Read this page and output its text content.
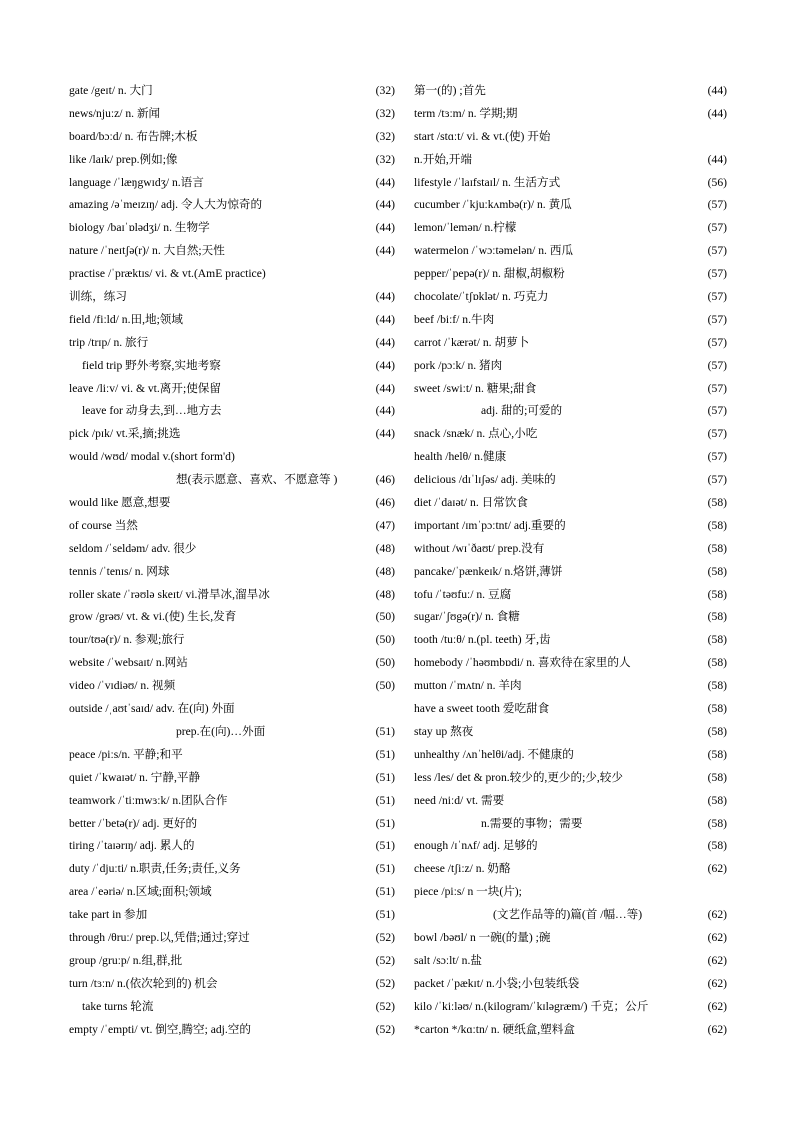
gate /geɪt/ n. 大门	(32)
news/njuːz/ n. 新闻	(32)
board/bɔːd/ n. 布告牌;木板	(32)
like /laɪk/ prep.例如;像	(32)
language /ˈlæŋgwɪdʒ/ n.语言	(44)
amazing /əˈmeɪzɪŋ/ adj. 令人大为惊奇的	(44)
biology /baɪˈɒlədʒi/ n. 生物学	(44)
nature /ˈneɪtʃə(r)/ n. 大自然;天性	(44)
practise /ˈpræktɪs/ vi. & vt.(AmE practice)
训练，练习	(44)
field /fiːld/ n.田,地;领域	(44)
trip /trɪp/ n. 旅行	(44)
field trip 野外考察,实地考察	(44)
leave /liːv/ vi. & vt.离开;使保留	(44)
leave for 动身去,到…地方去	(44)
pick /pɪk/ vt.采,摘;挑选	(44)
would /wʊd/ modal v.(short form'd)
想(表示愿意、喜欢、不愿意等 )	(46)
would like 愿意,想要	(46)
of course 当然	(47)
seldom /ˈseldəm/ adv. 很少	(48)
tennis /ˈtenɪs/ n. 网球	(48)
roller skate /ˈrəʊlə skeɪt/ vi.滑旱冰,溜旱冰	(48)
grow /grəʊ/ vt. & vi.(使) 生长,发育	(50)
tour/tʊə(r)/ n. 参观;旅行	(50)
website /ˈwebsaɪt/ n.网站	(50)
video /ˈvɪdiəʊ/ n. 视频	(50)
outside /ˌaʊtˈsaɪd/ adv. 在(向) 外面
prep.在(向)…外面	(51)
peace /piːs/n. 平静;和平	(51)
quiet /ˈkwaɪət/ n. 宁静,平静	(51)
teamwork /ˈtiːmwɜːk/ n.团队合作	(51)
better /ˈbetə(r)/ adj. 更好的	(51)
tiring /ˈtaɪərɪŋ/ adj. 累人的	(51)
duty /ˈdjuːti/ n.职责,任务;责任,义务	(51)
area /ˈeəriə/ n.区域;面积;领域	(51)
take part in 参加	(51)
through /θruː/ prep.以,凭借;通过;穿过	(52)
group /gruːp/ n.组,群,批	(52)
turn /tɜːn/ n.(依次轮到的) 机会	(52)
take turns 轮流	(52)
empty /ˈempti/ vt. 倒空,腾空; adj.空的	(52)
第一(的) ;首先	(44)
term /tɜːm/ n. 学期;期	(44)
start /stɑːt/ vi. & vt.(使) 开始
n.开始,开端	(44)
lifestyle /ˈlaɪfstaɪl/ n. 生活方式	(56)
cucumber /ˈkjuːkʌmbə(r)/ n. 黄瓜	(57)
lemon/ˈlemən/ n.柠檬	(57)
watermelon /ˈwɔːtəmelən/ n. 西瓜	(57)
pepper/ˈpepə(r)/ n. 甜椒,胡椒粉	(57)
chocolate/ˈtʃɒklət/ n. 巧克力	(57)
beef /biːf/ n.牛肉	(57)
carrot /ˈkærət/ n. 胡萝卜	(57)
pork /pɔːk/ n. 猪肉	(57)
sweet /swiːt/ n. 糖果;甜食	(57)
adj. 甜的;可爱的	(57)
snack /snæk/ n. 点心,小吃	(57)
health /helθ/ n.健康	(57)
delicious /dɪˈlɪʃəs/ adj. 美味的	(57)
diet /ˈdaɪət/ n. 日常饮食	(58)
important /ɪmˈpɔːtnt/ adj.重要的	(58)
without /wɪˈðaʊt/ prep.没有	(58)
pancake/ˈpænkeɪk/ n.烙饼,薄饼	(58)
tofu /ˈtəʊfuː/ n. 豆腐	(58)
sugar/ˈʃʊgə(r)/ n. 食糖	(58)
tooth /tuːθ/ n.(pl. teeth) 牙,齿	(58)
homebody /ˈhəʊmbɒdi/ n. 喜欢待在家里的人	(58)
mutton /ˈmʌtn/ n. 羊肉	(58)
have a sweet tooth 爱吃甜食	(58)
stay up 熬夜	(58)
unhealthy /ʌnˈhelθi/adj. 不健康的	(58)
less /les/ det & pron.较少的,更少的;少,较少	(58)
need /niːd/ vt. 需要	(58)
n.需要的事物；需要	(58)
enough /ɪˈnʌf/ adj. 足够的	(58)
cheese /tʃiːz/ n. 奶酪	(62)
piece /piːs/ n 一块(片);
(文艺作品等的)篇(首 /幅…等)	(62)
bowl /bəʊl/ n 一碗(的量) ;碗	(62)
salt /sɔːlt/ n.盐	(62)
packet /ˈpækɪt/ n.小袋;小包装纸袋	(62)
kilo /ˈkiːləʊ/ n.(kilogram/ˈkɪləgræm/) 千克；公斤	(62)
*carton */kɑːtn/ n. 硬纸盒,塑料盒	(62)
